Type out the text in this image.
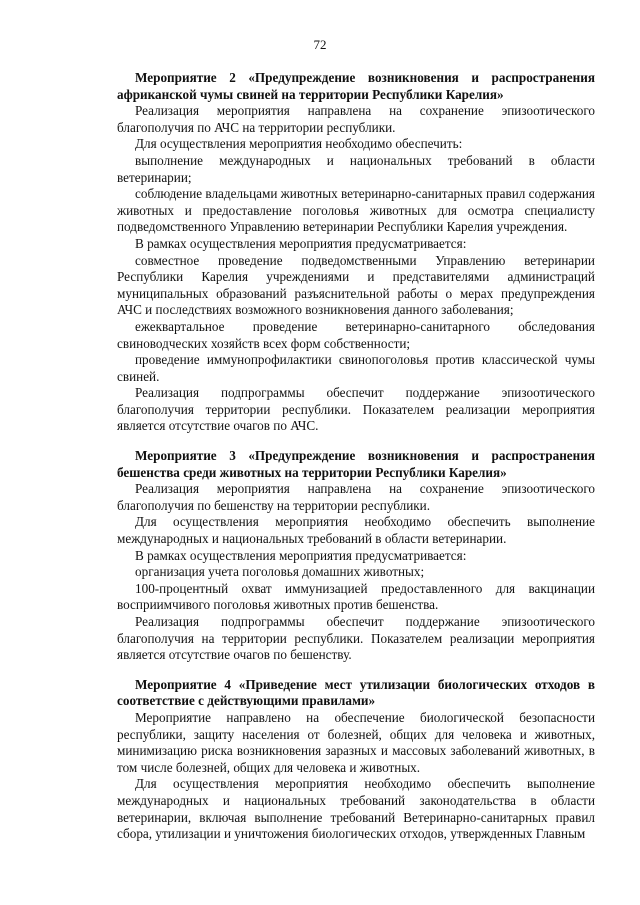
72

Мероприятие 2 «Предупреждение возникновения и распространения африканской чумы свиней на территории Республики Карелия»

Реализация мероприятия направлена на сохранение эпизоотического благополучия по АЧС на территории республики.

Для осуществления мероприятия необходимо обеспечить:

выполнение международных и национальных требований в области ветеринарии;

соблюдение владельцами животных ветеринарно-санитарных правил содержания животных и предоставление поголовья животных для осмотра специалисту подведомственного Управлению ветеринарии Республики Карелия учреждения.

В рамках осуществления мероприятия предусматривается:

совместное проведение подведомственными Управлению ветеринарии Республики Карелия учреждениями и представителями администраций муниципальных образований разъяснительной работы о мерах предупреждения АЧС и последствиях возможного возникновения данного заболевания;

ежеквартальное проведение ветеринарно-санитарного обследования свиноводческих хозяйств всех форм собственности;

проведение иммунопрофилактики свинопоголовья против классической чумы свиней.

Реализация подпрограммы обеспечит поддержание эпизоотического благополучия территории республики. Показателем реализации мероприятия является отсутствие очагов по АЧС.

Мероприятие 3 «Предупреждение возникновения и распространения бешенства среди животных на территории Республики Карелия»

Реализация мероприятия направлена на сохранение эпизоотического благополучия по бешенству на территории республики.

Для осуществления мероприятия необходимо обеспечить выполнение международных и национальных требований в области ветеринарии.

В рамках осуществления мероприятия предусматривается:

организация учета поголовья домашних животных;

100-процентный охват иммунизацией предоставленного для вакцинации восприимчивого поголовья животных против бешенства.

Реализация подпрограммы обеспечит поддержание эпизоотического благополучия на территории республики. Показателем реализации мероприятия является отсутствие очагов по бешенству.

Мероприятие 4 «Приведение мест утилизации биологических отходов в соответствие с действующими правилами»

Мероприятие направлено на обеспечение биологической безопасности республики, защиту населения от болезней, общих для человека и животных, минимизацию риска возникновения заразных и массовых заболеваний животных, в том числе болезней, общих для человека и животных.

Для осуществления мероприятия необходимо обеспечить выполнение международных и национальных требований законодательства в области ветеринарии, включая выполнение требований Ветеринарно-санитарных правил сбора, утилизации и уничтожения биологических отходов, утвержденных Главным
